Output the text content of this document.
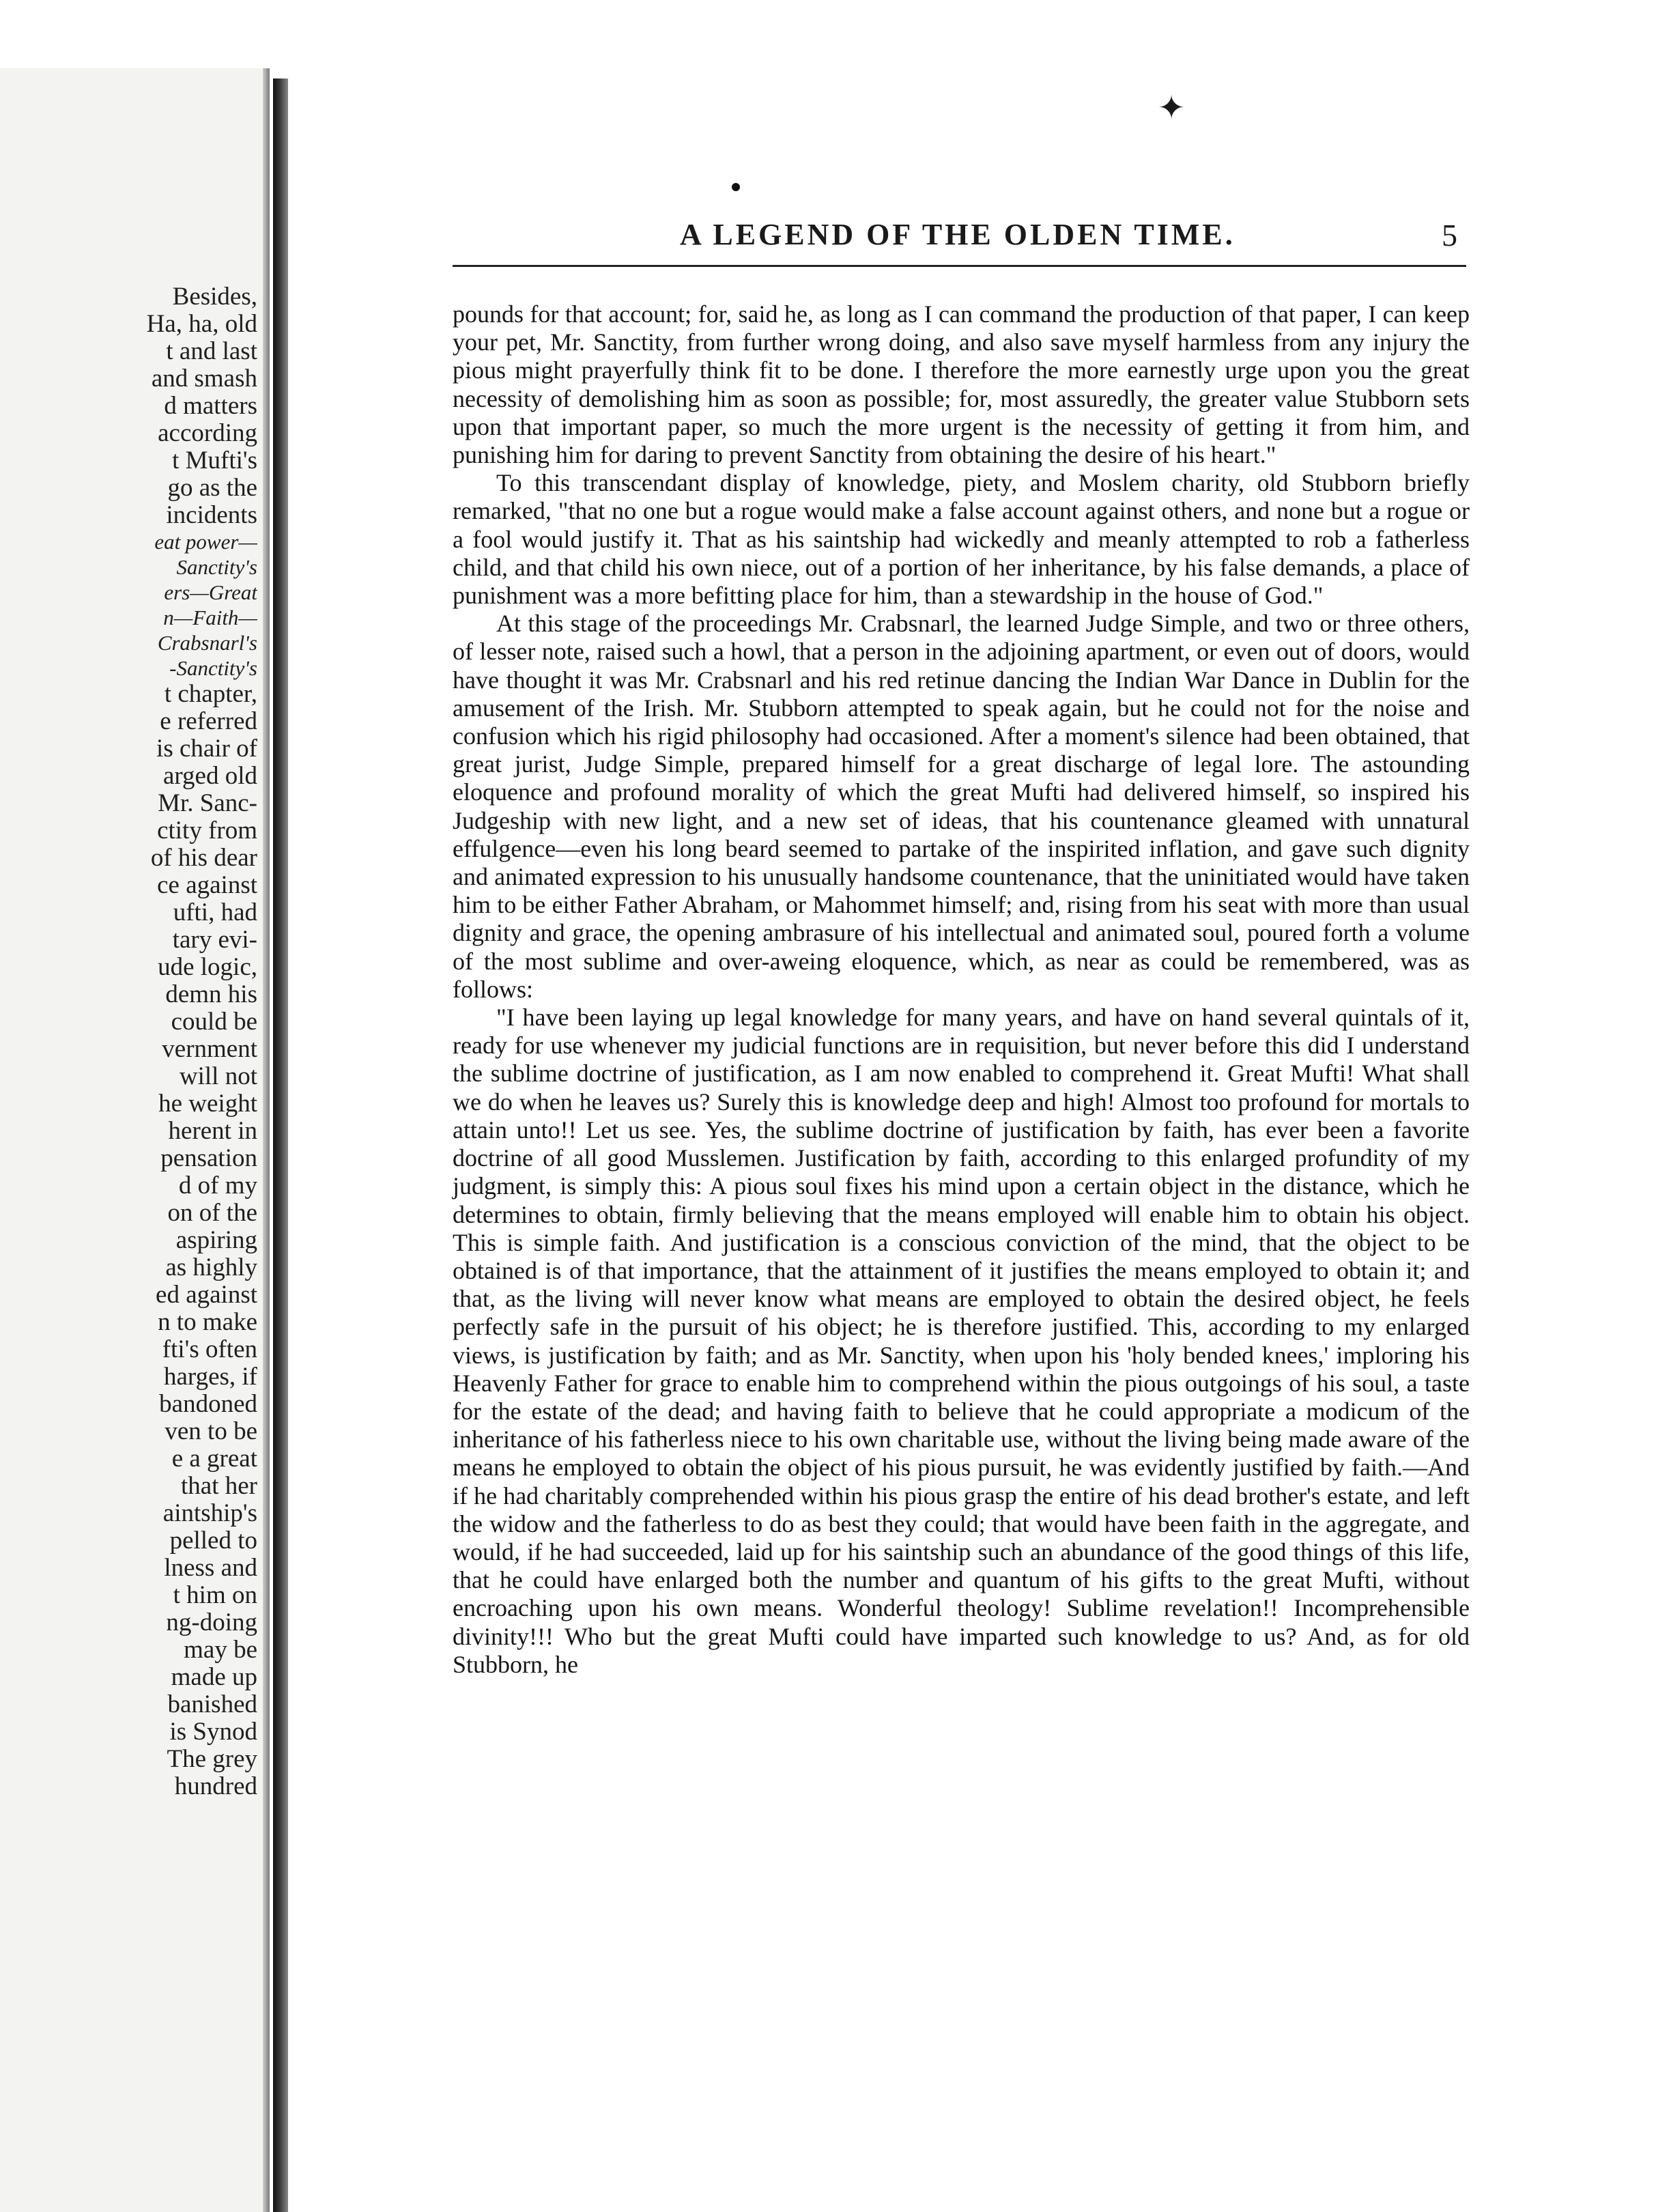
Besides,
Ha, ha, old
t and last
and smash
d matters
according
t Mufti's
go as the
incidents
eat power—
Sanctity's
ers—Great
n—Faith—
Crabsnarl's
-Sanctity's
t chapter,
e referred
is chair of
arged old
Mr. Sanc-
ctity from
of his dear
ce against
ufti, had
tary evi-
ude logic,
demn his
could be
vernment
will not
he weight
herent in
pensation
d of my
on of the
aspiring
as highly
ed against
n to make
fti's often
harges, if
bandoned
ven to be
e a great
that her
aintship's
pelled to
lness and
t him on
ng-doing
may be
made up
banished
is Synod
The grey
hundred
✦
A LEGEND OF THE OLDEN TIME.	5

pounds for that account; for, said he, as long as I can command the production of that paper, I can keep your pet, Mr. Sanctity, from further wrong doing, and also save myself harmless from any injury the pious might prayerfully think fit to be done. I therefore the more earnestly urge upon you the great necessity of demolishing him as soon as possible; for, most assuredly, the greater value Stubborn sets upon that important paper, so much the more urgent is the necessity of getting it from him, and punishing him for daring to prevent Sanctity from obtaining the desire of his heart."

To this transcendant display of knowledge, piety, and Moslem charity, old Stubborn briefly remarked, "that no one but a rogue would make a false account against others, and none but a rogue or a fool would justify it. That as his saintship had wickedly and meanly attempted to rob a fatherless child, and that child his own niece, out of a portion of her inheritance, by his false demands, a place of punishment was a more befitting place for him, than a stewardship in the house of God."

At this stage of the proceedings Mr. Crabsnarl, the learned Judge Simple, and two or three others, of lesser note, raised such a howl, that a person in the adjoining apartment, or even out of doors, would have thought it was Mr. Crabsnarl and his red retinue dancing the Indian War Dance in Dublin for the amusement of the Irish. Mr. Stubborn attempted to speak again, but he could not for the noise and confusion which his rigid philosophy had occasioned. After a moment's silence had been obtained, that great jurist, Judge Simple, prepared himself for a great discharge of legal lore. The astounding eloquence and profound morality of which the great Mufti had delivered himself, so inspired his Judgeship with new light, and a new set of ideas, that his countenance gleamed with unnatural effulgence—even his long beard seemed to partake of the inspirited inflation, and gave such dignity and animated expression to his unusually handsome countenance, that the uninitiated would have taken him to be either Father Abraham, or Mahommet himself; and, rising from his seat with more than usual dignity and grace, the opening ambrasure of his intellectual and animated soul, poured forth a volume of the most sublime and over-aweing eloquence, which, as near as could be remembered, was as follows:

"I have been laying up legal knowledge for many years, and have on hand several quintals of it, ready for use whenever my judicial functions are in requisition, but never before this did I understand the sublime doctrine of justification, as I am now enabled to comprehend it. Great Mufti! What shall we do when he leaves us? Surely this is knowledge deep and high! Almost too profound for mortals to attain unto!! Let us see. Yes, the sublime doctrine of justification by faith, has ever been a favorite doctrine of all good Musslemen. Justification by faith, according to this enlarged profundity of my judgment, is simply this: A pious soul fixes his mind upon a certain object in the distance, which he determines to obtain, firmly believing that the means employed will enable him to obtain his object. This is simple faith. And justification is a conscious conviction of the mind, that the object to be obtained is of that importance, that the attainment of it justifies the means employed to obtain it; and that, as the living will never know what means are employed to obtain the desired object, he feels perfectly safe in the pursuit of his object; he is therefore justified. This, according to my enlarged views, is justification by faith; and as Mr. Sanctity, when upon his 'holy bended knees,' imploring his Heavenly Father for grace to enable him to comprehend within the pious outgoings of his soul, a taste for the estate of the dead; and having faith to believe that he could appropriate a modicum of the inheritance of his fatherless niece to his own charitable use, without the living being made aware of the means he employed to obtain the object of his pious pursuit, he was evidently justified by faith.—And if he had charitably comprehended within his pious grasp the entire of his dead brother's estate, and left the widow and the fatherless to do as best they could; that would have been faith in the aggregate, and would, if he had succeeded, laid up for his saintship such an abundance of the good things of this life, that he could have enlarged both the number and quantum of his gifts to the great Mufti, without encroaching upon his own means. Wonderful theology! Sublime revelation!! Incomprehensible divinity!!! Who but the great Mufti could have imparted such knowledge to us? And, as for old Stubborn, he
